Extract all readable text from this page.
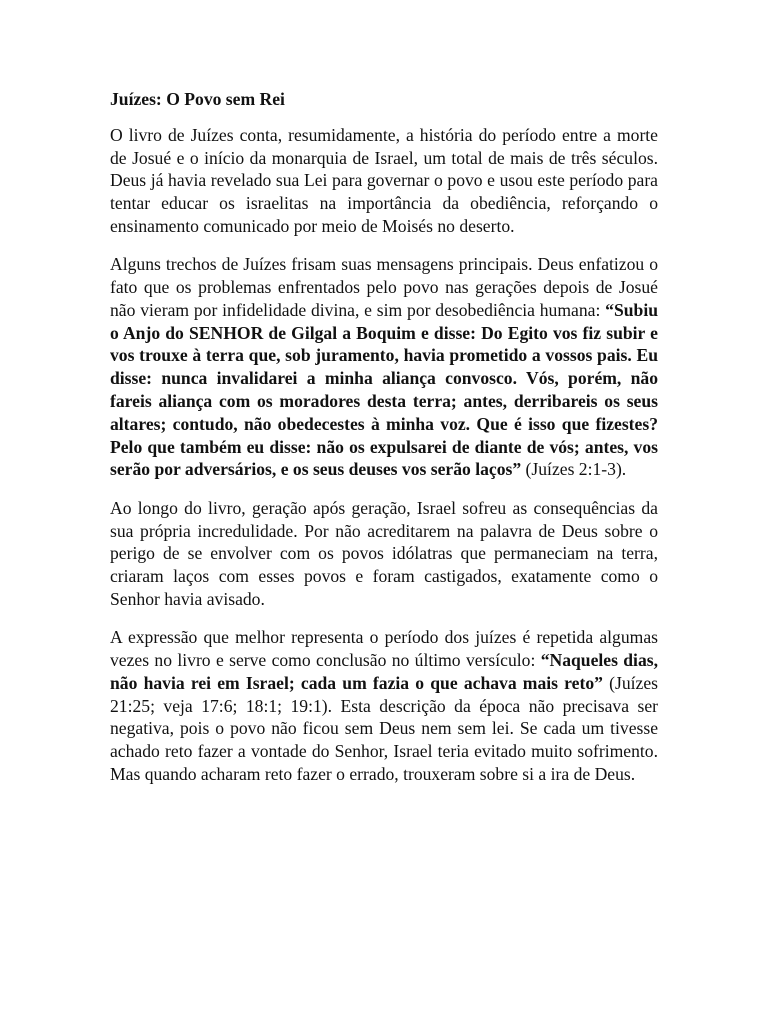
Juízes: O Povo sem Rei

O livro de Juízes conta, resumidamente, a história do período entre a morte de Josué e o início da monarquia de Israel, um total de mais de três séculos. Deus já havia revelado sua Lei para governar o povo e usou este período para tentar educar os israelitas na importância da obediência, reforçando o ensinamento comunicado por meio de Moisés no deserto.

Alguns trechos de Juízes frisam suas mensagens principais. Deus enfatizou o fato que os problemas enfrentados pelo povo nas gerações depois de Josué não vieram por infidelidade divina, e sim por desobediência humana: “Subiu o Anjo do SENHOR de Gilgal a Boquim e disse: Do Egito vos fiz subir e vos trouxe à terra que, sob juramento, havia prometido a vossos pais. Eu disse: nunca invalidarei a minha aliança convosco. Vós, porém, não fareis aliança com os moradores desta terra; antes, derribareis os seus altares; contudo, não obedecestes à minha voz. Que é isso que fizestes? Pelo que também eu disse: não os expulsarei de diante de vós; antes, vos serão por adversários, e os seus deuses vos serão laços” (Juízes 2:1-3).

Ao longo do livro, geração após geração, Israel sofreu as consequências da sua própria incredulidade. Por não acreditarem na palavra de Deus sobre o perigo de se envolver com os povos idólatras que permaneciam na terra, criaram laços com esses povos e foram castigados, exatamente como o Senhor havia avisado.

A expressão que melhor representa o período dos juízes é repetida algumas vezes no livro e serve como conclusão no último versículo: “Naqueles dias, não havia rei em Israel; cada um fazia o que achava mais reto” (Juízes 21:25; veja 17:6; 18:1; 19:1). Esta descrição da época não precisava ser negativa, pois o povo não ficou sem Deus nem sem lei. Se cada um tivesse achado reto fazer a vontade do Senhor, Israel teria evitado muito sofrimento. Mas quando acharam reto fazer o errado, trouxeram sobre si a ira de Deus.
